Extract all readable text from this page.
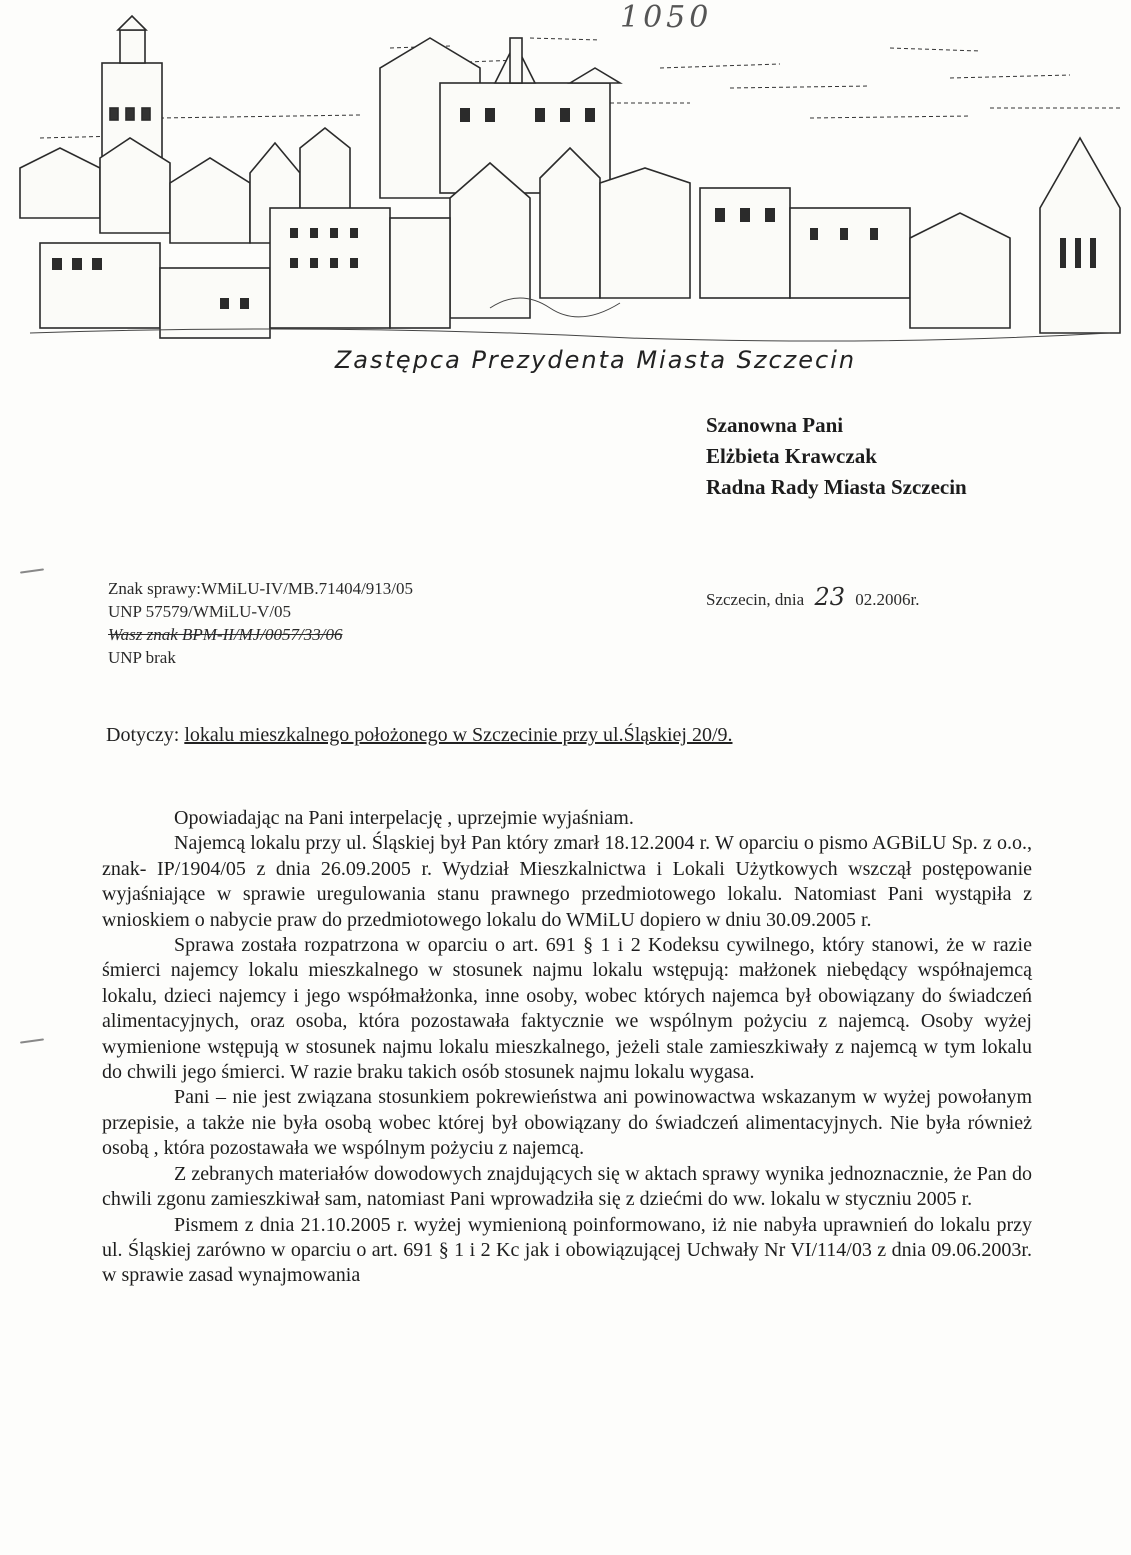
1050
Zastępca Prezydenta Miasta Szczecin
Szanowna Pani
Elżbieta Krawczak
Radna Rady Miasta Szczecin
Znak sprawy:WMiLU-IV/MB.71404/913/05
UNP 57579/WMiLU-V/05
Wasz znak BPM-II/MJ/0057/33/06
UNP brak
Szczecin, dnia 23 02.2006r.
Dotyczy: lokalu mieszkalnego położonego w Szczecinie przy ul.Śląskiej 20/9.

Opowiadając na Pani interpelację , uprzejmie wyjaśniam.

Najemcą lokalu przy ul. Śląskiej był Pan który zmarł 18.12.2004 r. W oparciu o pismo AGBiLU Sp. z o.o., znak- IP/1904/05 z dnia 26.09.2005 r. Wydział Mieszkalnictwa i Lokali Użytkowych wszczął postępowanie wyjaśniające w sprawie uregulowania stanu prawnego przedmiotowego lokalu. Natomiast Pani wystąpiła z wnioskiem o nabycie praw do przedmiotowego lokalu do WMiLU dopiero w dniu 30.09.2005 r.

Sprawa została rozpatrzona w oparciu o art. 691 § 1 i 2 Kodeksu cywilnego, który stanowi, że w razie śmierci najemcy lokalu mieszkalnego w stosunek najmu lokalu wstępują: małżonek niebędący współnajemcą lokalu, dzieci najemcy i jego współmałżonka, inne osoby, wobec których najemca był obowiązany do świadczeń alimentacyjnych, oraz osoba, która pozostawała faktycznie we wspólnym pożyciu z najemcą. Osoby wyżej wymienione wstępują w stosunek najmu lokalu mieszkalnego, jeżeli stale zamieszkiwały z najemcą w tym lokalu do chwili jego śmierci. W razie braku takich osób stosunek najmu lokalu wygasa.

Pani – nie jest związana stosunkiem pokrewieństwa ani powinowactwa wskazanym w wyżej powołanym przepisie, a także nie była osobą wobec której był obowiązany do świadczeń alimentacyjnych. Nie była również osobą , która pozostawała we wspólnym pożyciu z najemcą.

Z zebranych materiałów dowodowych znajdujących się w aktach sprawy wynika jednoznacznie, że Pan do chwili zgonu zamieszkiwał sam, natomiast Pani wprowadziła się z dziećmi do ww. lokalu w styczniu 2005 r.

Pismem z dnia 21.10.2005 r. wyżej wymienioną poinformowano, iż nie nabyła uprawnień do lokalu przy ul. Śląskiej zarówno w oparciu o art. 691 § 1 i 2 Kc jak i obowiązującej Uchwały Nr VI/114/03 z dnia 09.06.2003r. w sprawie zasad wynajmowania
